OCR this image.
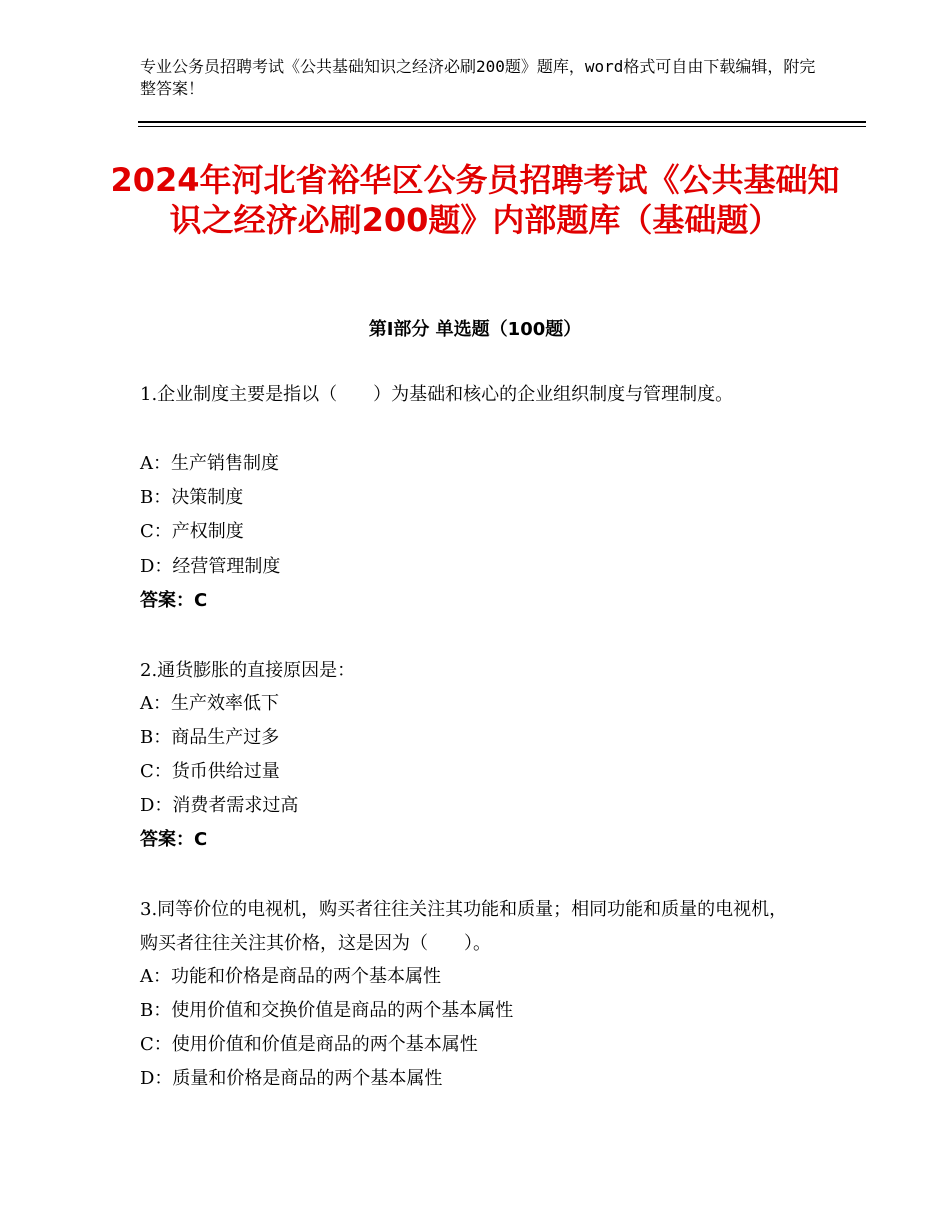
专业公务员招聘考试《公共基础知识之经济必刷200题》题库，word格式可自由下载编辑，附完整答案！
2024年河北省裕华区公务员招聘考试《公共基础知识之经济必刷200题》内部题库（基础题）
第Ⅰ部分 单选题（100题）
1.企业制度主要是指以（　　）为基础和核心的企业组织制度与管理制度。
A：生产销售制度
B：决策制度
C：产权制度
D：经营管理制度
答案：C
2.通货膨胀的直接原因是：
A：生产效率低下
B：商品生产过多
C：货币供给过量
D：消费者需求过高
答案：C
3.同等价位的电视机，购买者往往关注其功能和质量；相同功能和质量的电视机，购买者往往关注其价格，这是因为（　　）。
A：功能和价格是商品的两个基本属性
B：使用价值和交换价值是商品的两个基本属性
C：使用价值和价值是商品的两个基本属性
D：质量和价格是商品的两个基本属性
